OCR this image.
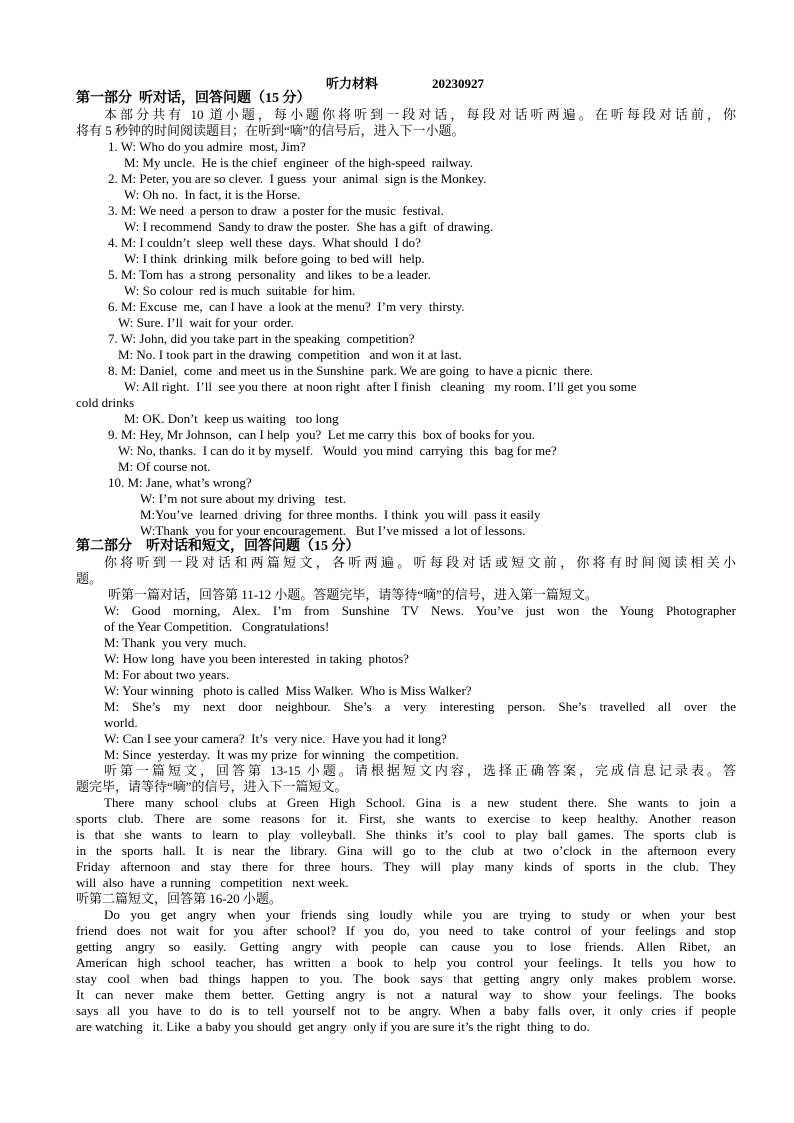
听力材料	20230927
第一部分  听对话，回答问题（15 分）
本部分共有 10 道小题，每小题你将听到一段对话，每段对话听两遍。在听每段对话前，你
将有 5 秒钟的时间阅读题目；在听到“嘀”的信号后，进入下一小题。
1. W: Who do you admire  most, Jim?
M: My uncle.  He is the chief  engineer  of the high-speed  railway.
2. M: Peter, you are so clever.  I guess  your  animal  sign is the Monkey.
W: Oh no.  In fact, it is the Horse.
3. M: We need  a person to draw  a poster for the music  festival.
W: I recommend  Sandy to draw the poster.  She has a gift  of drawing.
4. M: I couldn’t  sleep  well these  days.  What should  I do?
W: I think  drinking  milk  before going  to bed will  help.
5. M: Tom has  a strong  personality   and likes  to be a leader.
W: So colour  red is much  suitable  for him.
6. M: Excuse  me,  can I have  a look at the menu?  I’m very  thirsty.
W: Sure. I’ll  wait for your  order.
7. W: John, did you take part in the speaking  competition?
M: No. I took part in the drawing  competition   and won it at last.
8. M: Daniel,  come  and meet us in the Sunshine  park. We are going  to have a picnic  there.
W: All right.  I’ll  see you there  at noon right  after I finish   cleaning   my room. I’ll get you some
cold drinks
M: OK. Don’t  keep us waiting   too long
9. M: Hey, Mr Johnson,  can I help  you?  Let me carry this  box of books for you.
W: No, thanks.  I can do it by myself.   Would  you mind  carrying  this  bag for me?
M: Of course not.
10. M: Jane, what’s wrong?
W: I’m not sure about my driving   test.
M:You’ve  learned  driving  for three months.  I think  you will  pass it easily
W:Thank  you for your encouragement.   But I’ve missed  a lot of lessons.
第二部分    听对话和短文，回答问题（15 分）
你将听到一段对话和两篇短文，各听两遍。听每段对话或短文前，你将有时间阅读相关小
题。
听第一篇对话，回答第 11-12 小题。答题完毕，请等待“嘀”的信号，进入第一篇短文。
W: Good morning, Alex. I’m from Sunshine TV News. You’ve just won the Young Photographer
of the Year Competition.   Congratulations!
M: Thank  you very  much.
W: How long  have you been interested  in taking  photos?
M: For about two years.
W: Your winning   photo is called  Miss Walker.  Who is Miss Walker?
M: She’s my next door neighbour. She’s a very interesting person. She’s travelled all over the
world.
W: Can I see your camera?  It’s  very nice.  Have you had it long?
M: Since  yesterday.  It was my prize  for winning   the competition.
听第一篇短文，回答第 13-15 小题。请根据短文内容，选择正确答案，完成信息记录表。答
题完毕，请等待“嘀”的信号，进入下一篇短文。
There many school clubs at Green High School. Gina is a new student there. She wants to join a
sports club. There are some reasons for it. First, she wants to exercise to keep healthy. Another reason
is that she wants to learn to play volleyball. She thinks it’s cool to play ball games. The sports club is
in the sports hall. It is near the library. Gina will go to the club at two o’clock in the afternoon every
Friday afternoon and stay there for three hours. They will play many kinds of sports in the club. They
will  also  have  a running   competition   next week.
听第二篇短文，回答第 16-20 小题。
Do you get angry when your friends sing loudly while you are trying to study or when your best
friend does not wait for you after school? If you do, you need to take control of your feelings and stop
getting angry so easily. Getting angry with people can cause you to lose friends. Allen Ribet, an
American high school teacher, has written a book to help you control your feelings. It tells you how to
stay cool when bad things happen to you. The book says that getting angry only makes problem worse.
It can never make them better. Getting angry is not a natural way to show your feelings. The books
says all you have to do is to tell yourself not to be angry. When a baby falls over, it only cries if people
are watching   it. Like  a baby you should  get angry  only if you are sure it’s the right  thing  to do.
